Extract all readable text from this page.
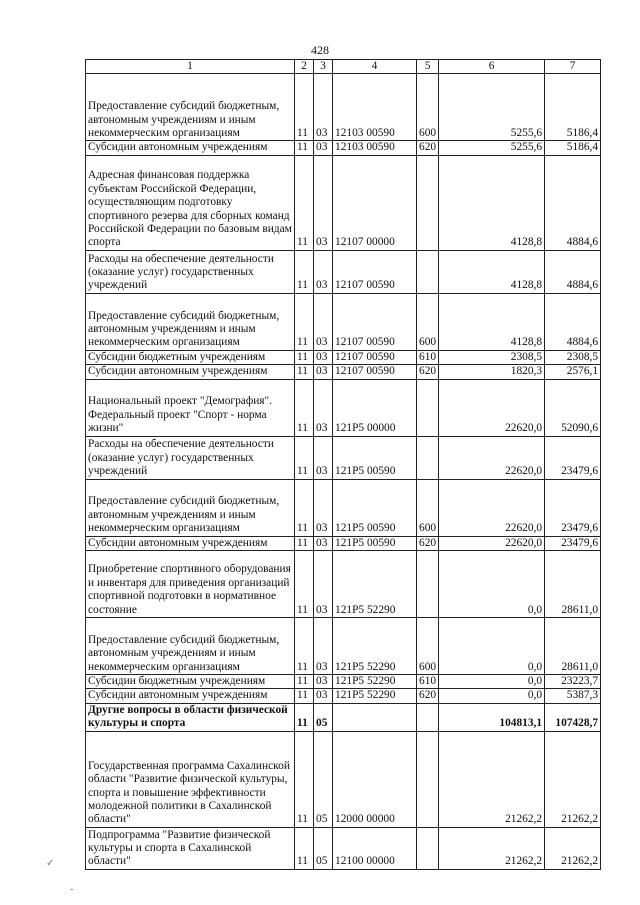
428
1	2	3	4	5	6	7
Предоставление субсидий бюджетным, автономным учреждениям и иным некоммерческим организациям	11	03	12103 00590	600	5255,6	5186,4
Субсидии автономным учреждениям	11	03	12103 00590	620	5255,6	5186,4
Адресная финансовая поддержка субъектам Российской Федерации, осуществляющим подготовку спортивного резерва для сборных команд Российской Федерации по базовым видам спорта	11	03	12107 00000		4128,8	4884,6
Расходы на обеспечение деятельности (оказание услуг) государственных учреждений	11	03	12107 00590		4128,8	4884,6
Предоставление субсидий бюджетным, автономным учреждениям и иным некоммерческим организациям	11	03	12107 00590	600	4128,8	4884,6
Субсидии бюджетным учреждениям	11	03	12107 00590	610	2308,5	2308,5
Субсидии автономным учреждениям	11	03	12107 00590	620	1820,3	2576,1
Национальный проект "Демография". Федеральный проект "Спорт - норма жизни"	11	03	121P5 00000		22620,0	52090,6
Расходы на обеспечение деятельности (оказание услуг) государственных учреждений	11	03	121P5 00590		22620,0	23479,6
Предоставление субсидий бюджетным, автономным учреждениям и иным некоммерческим организациям	11	03	121P5 00590	600	22620,0	23479,6
Субсидии автономным учреждениям	11	03	121P5 00590	620	22620,0	23479,6
Приобретение спортивного оборудования и инвентаря для приведения организаций спортивной подготовки в нормативное состояние	11	03	121P5 52290		0,0	28611,0
Предоставление субсидий бюджетным, автономным учреждениям и иным некоммерческим организациям	11	03	121P5 52290	600	0,0	28611,0
Субсидии бюджетным учреждениям	11	03	121P5 52290	610	0,0	23223,7
Субсидии автономным учреждениям	11	03	121P5 52290	620	0,0	5387,3
Другие вопросы в области физической культуры и спорта	11	05			104813,1	107428,7
Государственная программа Сахалинской области "Развитие физической культуры, спорта и повышение эффективности молодежной политики в Сахалинской области"	11	05	12000 00000		21262,2	21262,2
Подпрограмма "Развитие физической культуры и спорта в Сахалинской области"	11	05	12100 00000		21262,2	21262,2
✓
-
